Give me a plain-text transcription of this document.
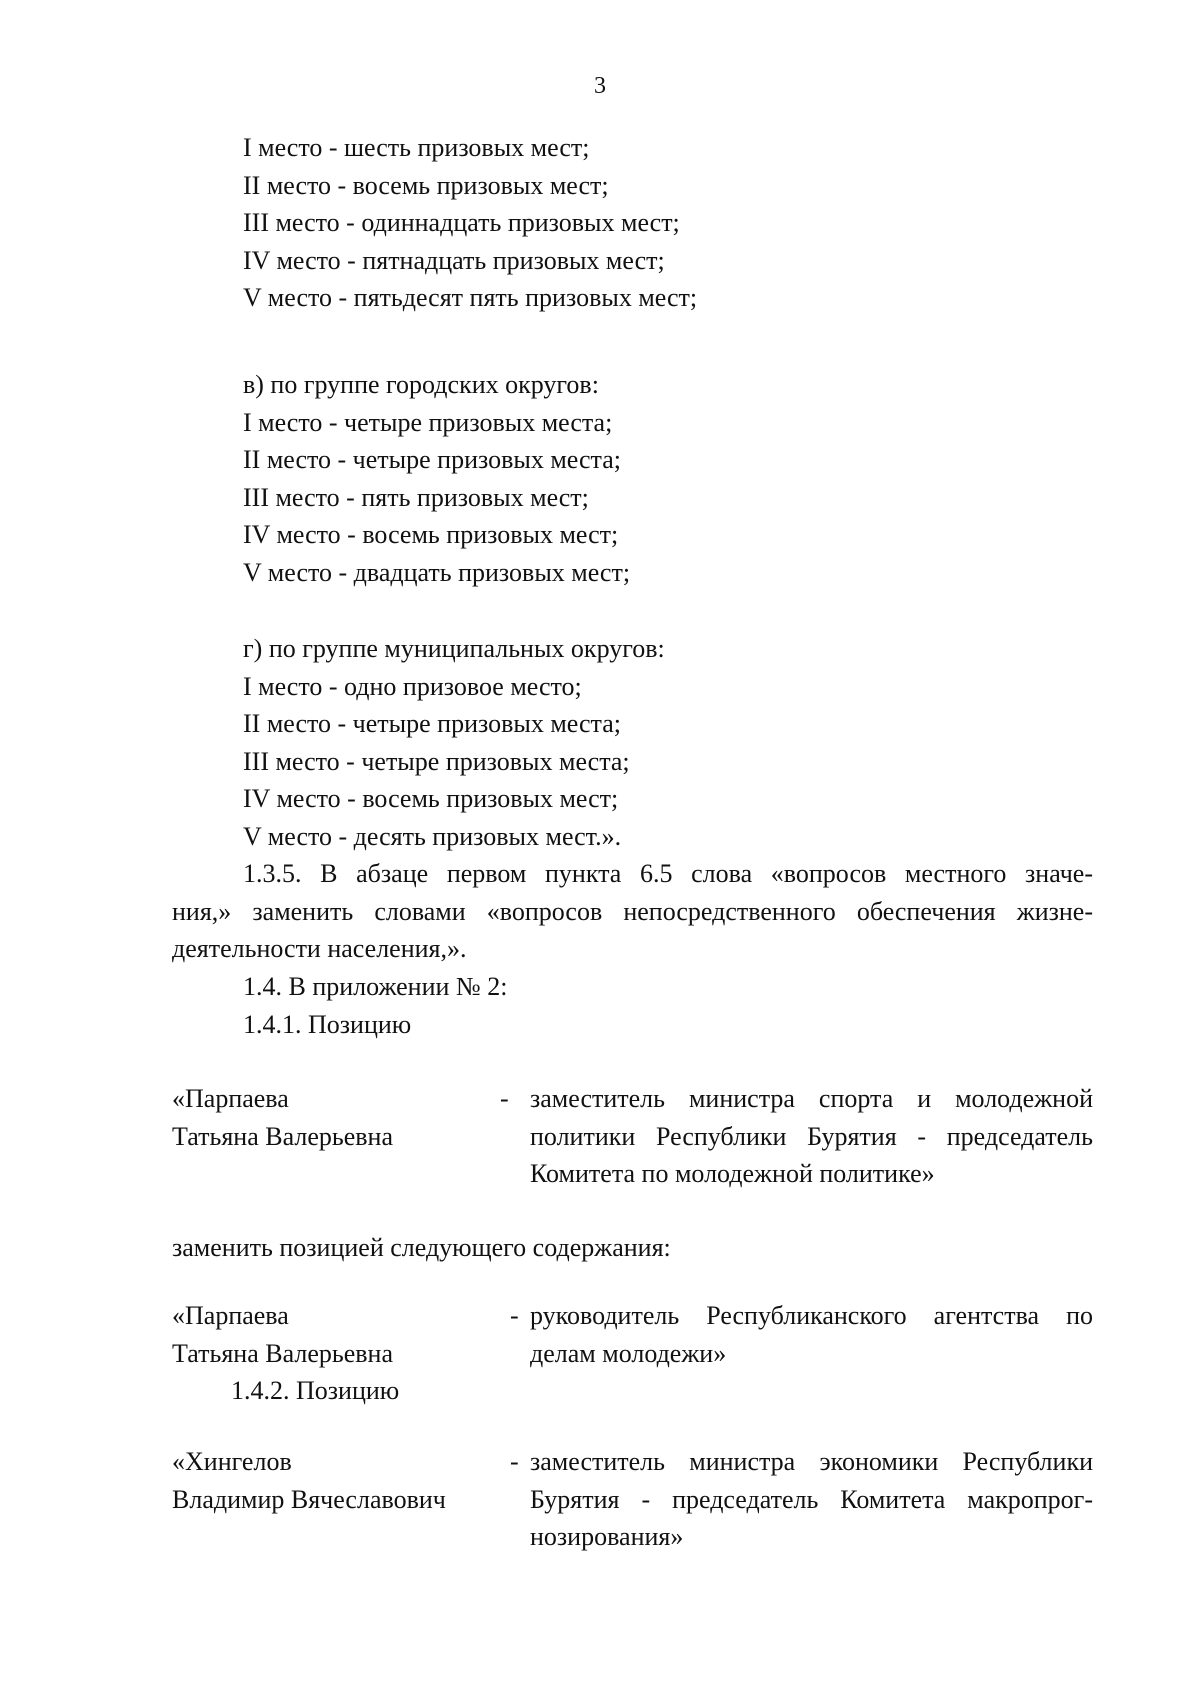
3
I место - шесть призовых мест;
II место - восемь призовых мест;
III место - одиннадцать призовых мест;
IV место - пятнадцать призовых мест;
V место - пятьдесят пять призовых мест;
в) по группе городских округов:
I место - четыре призовых места;
II место - четыре призовых места;
III место - пять призовых мест;
IV место - восемь призовых мест;
V место - двадцать призовых мест;
г) по группе муниципальных округов:
I место - одно призовое место;
II место - четыре призовых места;
III место - четыре призовых места;
IV место - восемь призовых мест;
V место - десять призовых мест.».
1.3.5. В абзаце первом пункта 6.5 слова «вопросов местного значе-
ния,» заменить словами «вопросов непосредственного обеспечения жизне-
деятельности населения,».
1.4. В приложении № 2:
1.4.1. Позицию
«Парпаева
Татьяна Валерьевна
- заместитель министра спорта и молодежной
политики Республики Бурятия - председатель
Комитета по молодежной политике»
заменить позицией следующего содержания:
«Парпаева
Татьяна Валерьевна
- руководитель Республиканского агентства по
делам молодежи»
1.4.2. Позицию
«Хингелов
Владимир Вячеславович
- заместитель министра экономики Республики
Бурятия - председатель Комитета макропрог-
нозирования»
